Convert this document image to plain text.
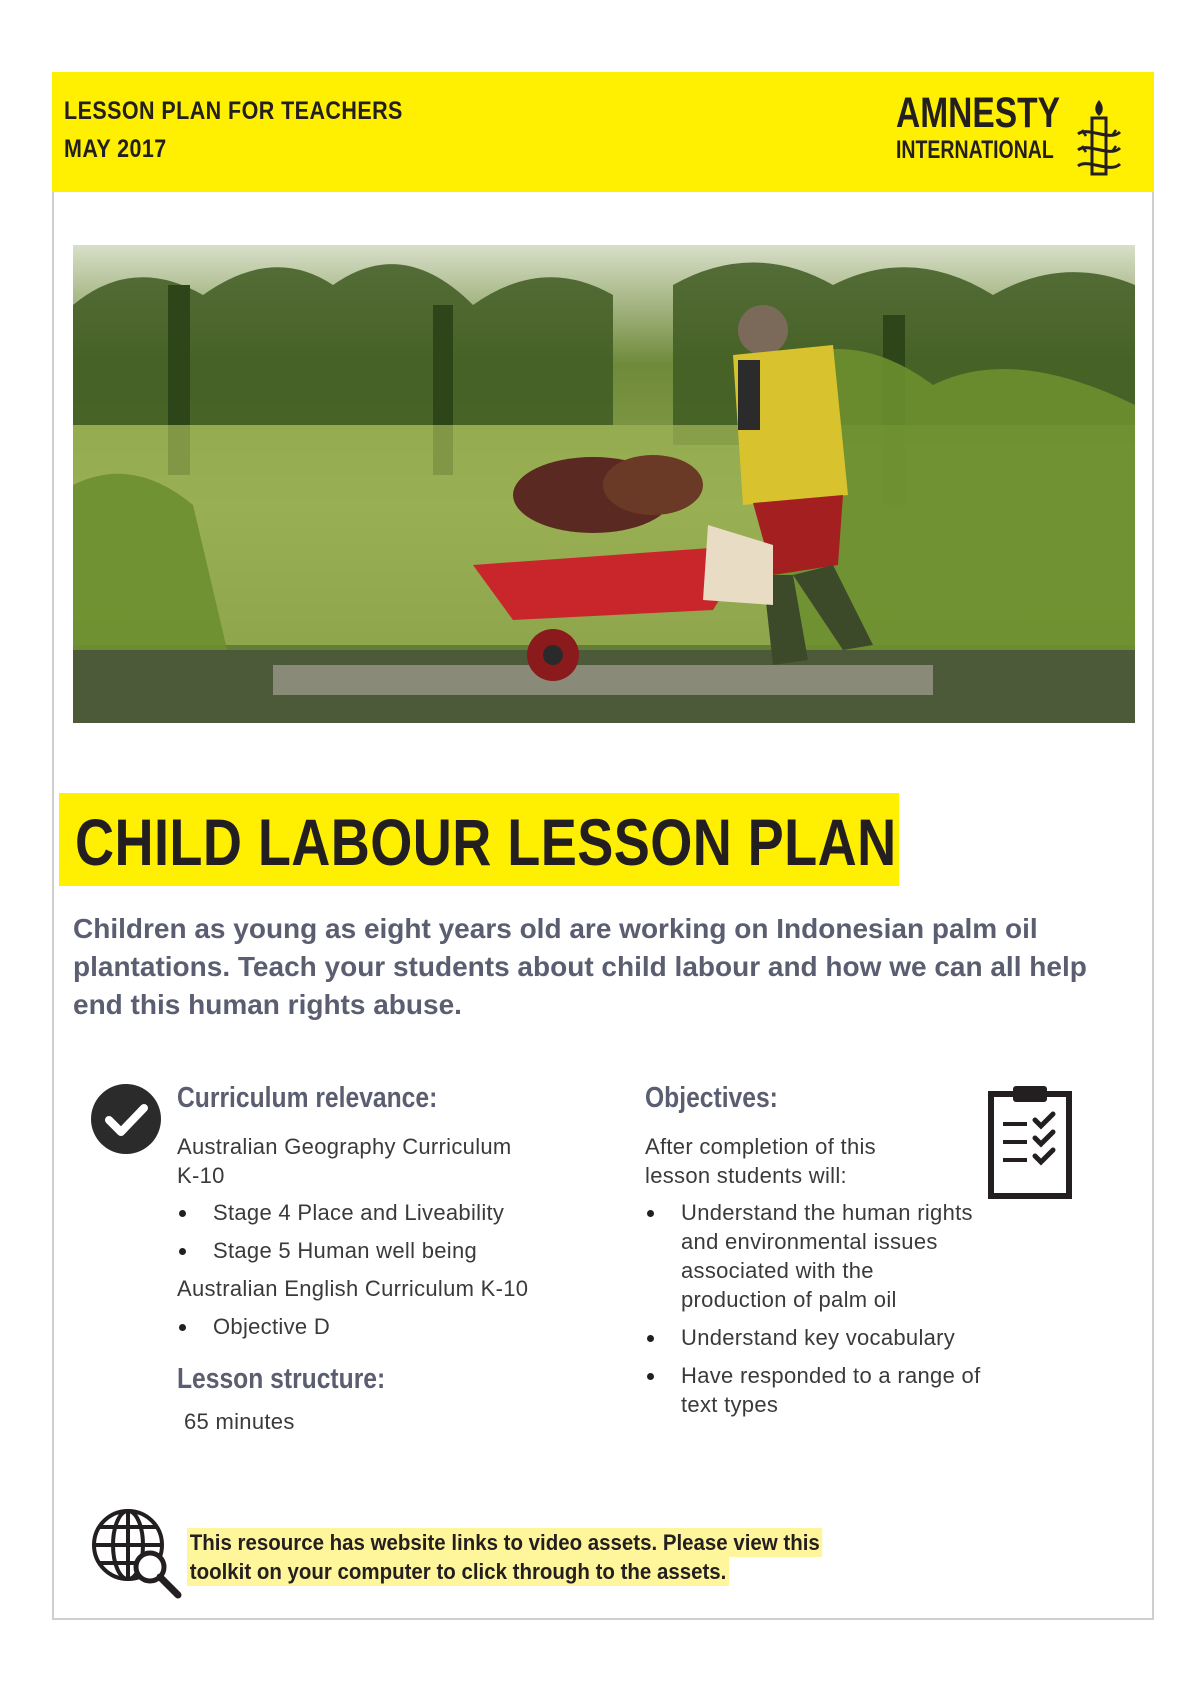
LESSON PLAN FOR TEACHERS
MAY 2017
AMNESTY
INTERNATIONAL
CHILD LABOUR LESSON PLAN
Children as young as eight years old are working on Indonesian palm oil plantations. Teach your students about child labour and how we can all help end this human rights abuse.
Curriculum relevance:
Australian Geography Curriculum K-10
Stage 4 Place and Liveability
Stage 5 Human well being
Australian English Curriculum K-10
Objective D
Lesson structure:
65 minutes
Objectives:
After completion of this lesson students will:
Understand the human rights and environmental issues associated with the production of palm oil
Understand key vocabulary
Have responded to a range of text types
This resource has website links to video assets. Please view this
toolkit on your computer to click through to the assets.
